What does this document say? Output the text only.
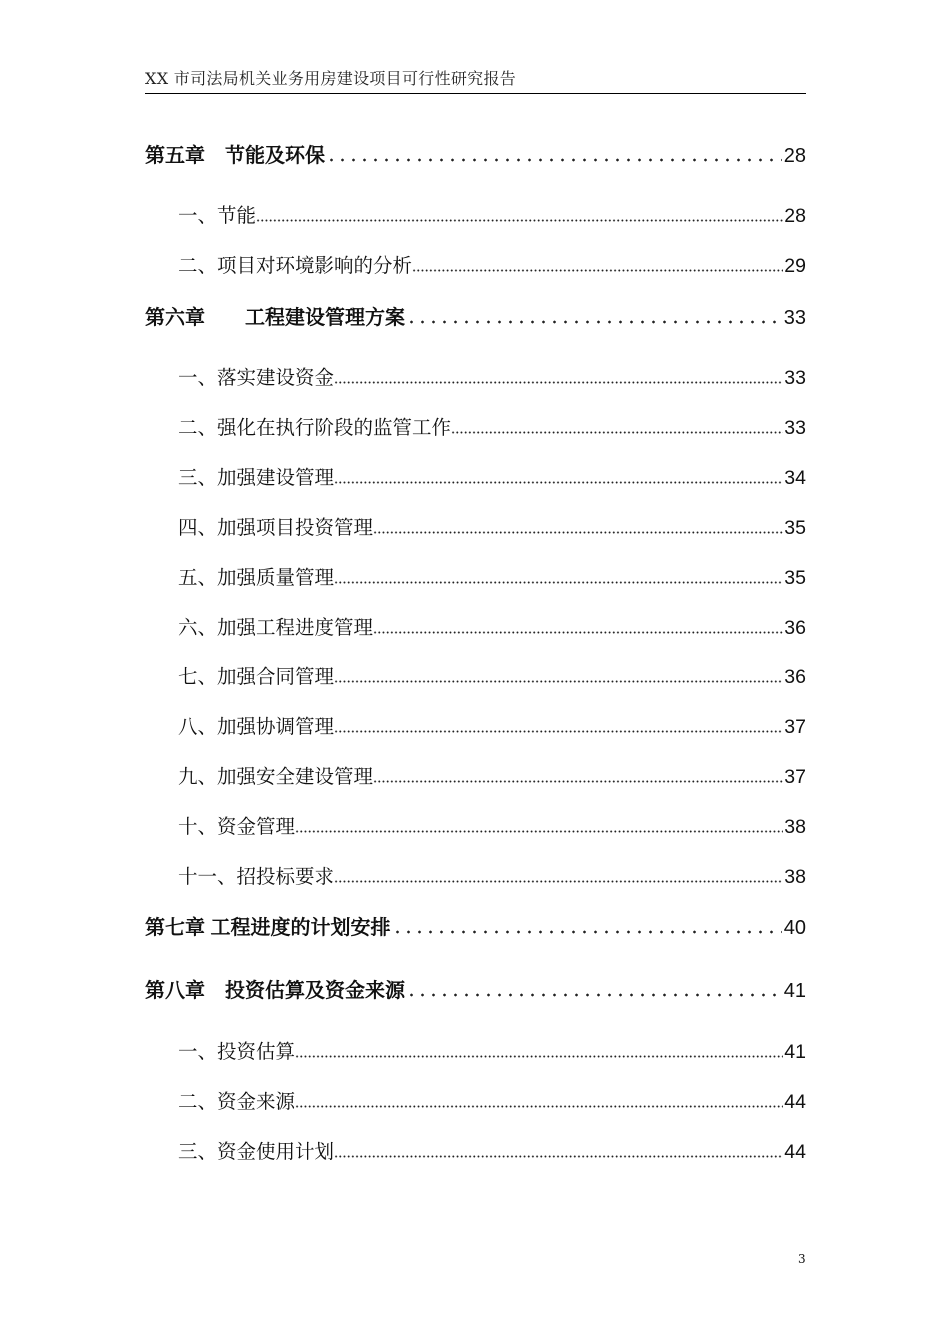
XX 市司法局机关业务用房建设项目可行性研究报告
第五章　节能及环保	28
一、节能	28
二、项目对环境影响的分析	29
第六章　　工程建设管理方案	33
一、落实建设资金	33
二、强化在执行阶段的监管工作	33
三、加强建设管理	34
四、加强项目投资管理	35
五、加强质量管理	35
六、加强工程进度管理	36
七、加强合同管理	36
八、加强协调管理	37
九、加强安全建设管理	37
十、资金管理	38
十一、招投标要求	38
第七章 工程进度的计划安排	40
第八章　投资估算及资金来源	41
一、投资估算	41
二、资金来源	44
三、资金使用计划	44
3
